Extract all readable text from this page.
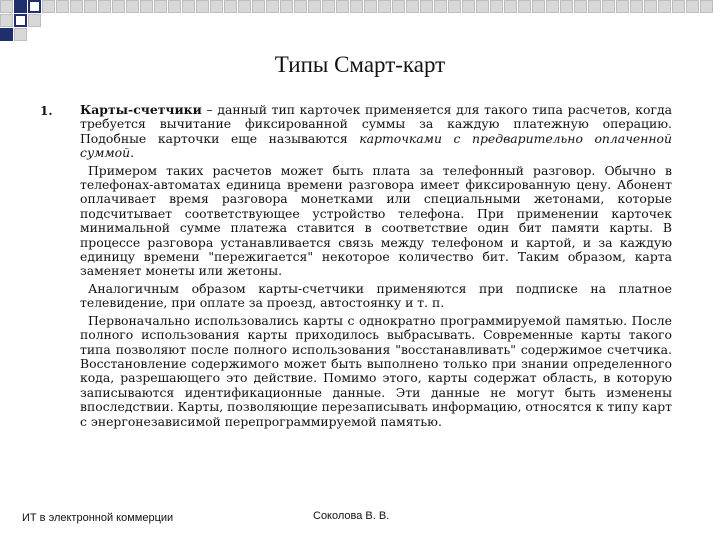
Типы Смарт-карт
1. Карты-счетчики – данный тип карточек применяется для такого типа расчетов, когда требуется вычитание фиксированной суммы за каждую платежную операцию. Подобные карточки еще называются карточками с предварительно оплаченной суммой.

Примером таких расчетов может быть плата за телефонный разговор. Обычно в телефонах-автоматах единица времени разговора имеет фиксированную цену. Абонент оплачивает время разговора монетками или специальными жетонами, которые подсчитывает соответствующее устройство телефона. При применении карточек минимальной сумме платежа ставится в соответствие один бит памяти карты. В процессе разговора устанавливается связь между телефоном и картой, и за каждую единицу времени "пережигается" некоторое количество бит. Таким образом, карта заменяет монеты или жетоны.

Аналогичным образом карты-счетчики применяются при подписке на платное телевидение, при оплате за проезд, автостоянку и т. п.

Первоначально использовались карты с однократно программируемой памятью. После полного использования карты приходилось выбрасывать. Современные карты такого типа позволяют после полного использования "восстанавливать" содержимое счетчика. Восстановление содержимого может быть выполнено только при знании определенного кода, разрешающего это действие. Помимо этого, карты содержат область, в которую записываются идентификационные данные. Эти данные не могут быть изменены впоследствии. Карты, позволяющие перезаписывать информацию, относятся к типу карт с энергонезависимой перепрограммируемой памятью.

ИТ в электронной коммерции	Соколова В. В.
